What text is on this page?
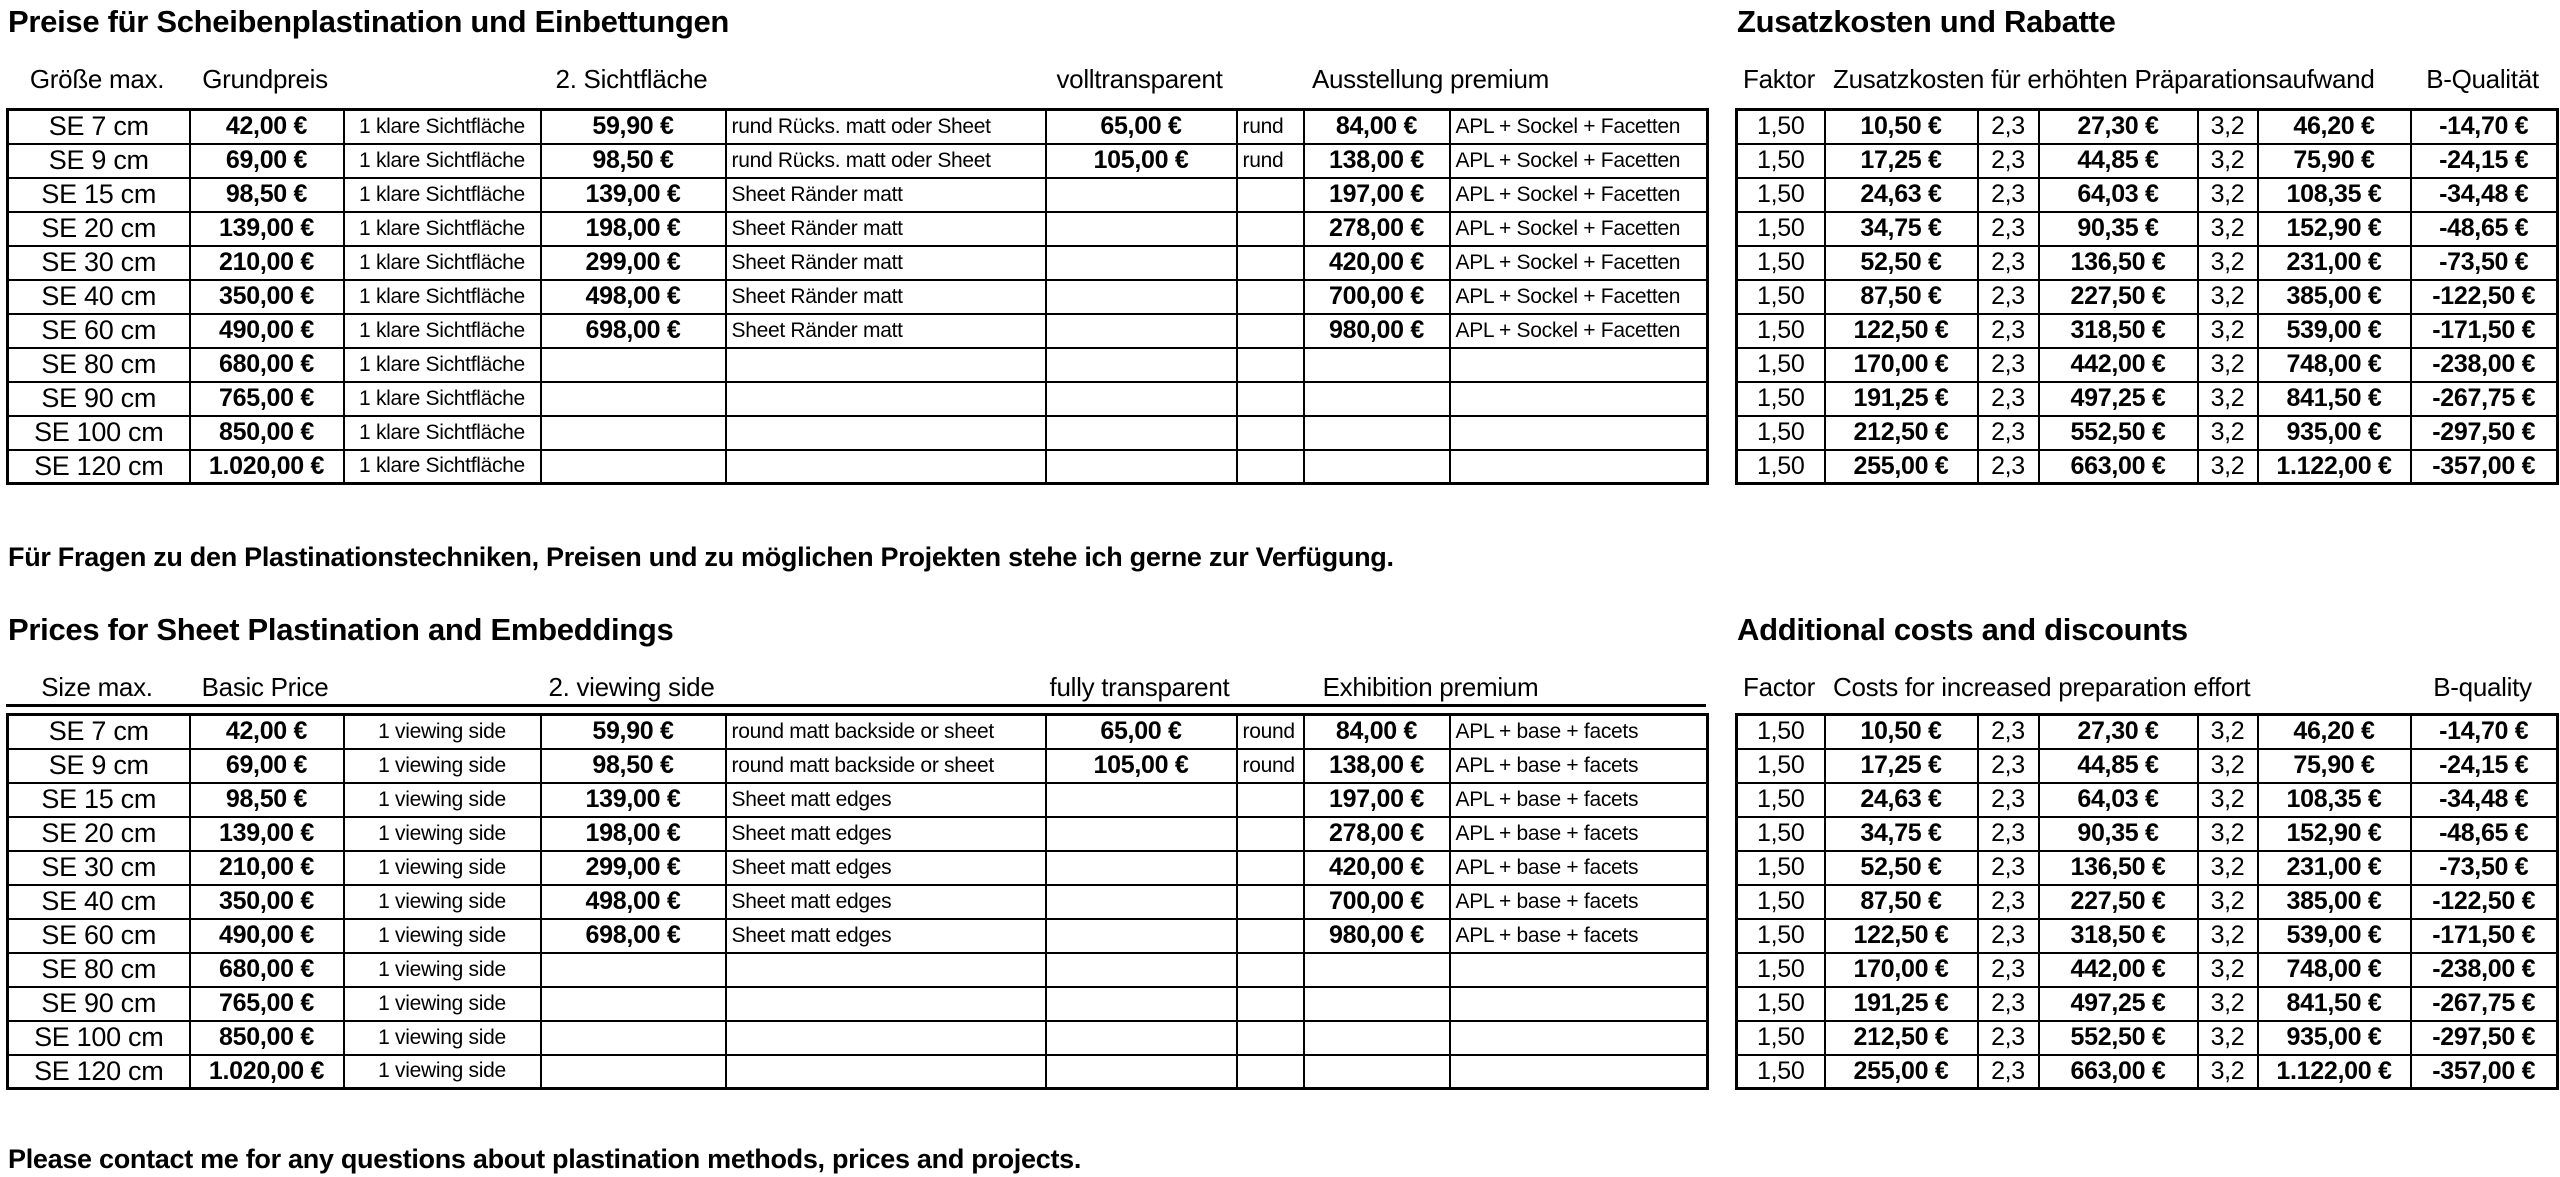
Preise für Scheibenplastination und Einbettungen
Größe max.	Grundpreis	2. Sichtfläche	volltransparent	Ausstellung premium
SE 7 cm	42,00 €	1 klare Sichtfläche	59,90 €	rund Rücks. matt oder Sheet	65,00 €	rund	84,00 €	APL + Sockel + Facetten
SE 9 cm	69,00 €	1 klare Sichtfläche	98,50 €	rund Rücks. matt oder Sheet	105,00 €	rund	138,00 €	APL + Sockel + Facetten
SE 15 cm	98,50 €	1 klare Sichtfläche	139,00 €	Sheet Ränder matt			197,00 €	APL + Sockel + Facetten
SE 20 cm	139,00 €	1 klare Sichtfläche	198,00 €	Sheet Ränder matt			278,00 €	APL + Sockel + Facetten
SE 30 cm	210,00 €	1 klare Sichtfläche	299,00 €	Sheet Ränder matt			420,00 €	APL + Sockel + Facetten
SE 40 cm	350,00 €	1 klare Sichtfläche	498,00 €	Sheet Ränder matt			700,00 €	APL + Sockel + Facetten
SE 60 cm	490,00 €	1 klare Sichtfläche	698,00 €	Sheet Ränder matt			980,00 €	APL + Sockel + Facetten
SE 80 cm	680,00 €	1 klare Sichtfläche						
SE 90 cm	765,00 €	1 klare Sichtfläche						
SE 100 cm	850,00 €	1 klare Sichtfläche						
SE 120 cm	1.020,00 €	1 klare Sichtfläche						
Zusatzkosten und Rabatte
Faktor Zusatzkosten für erhöhten Präparationsaufwand	B-Qualität
1,50	10,50 €	2,3	27,30 €	3,2	46,20 €	-14,70 €
1,50	17,25 €	2,3	44,85 €	3,2	75,90 €	-24,15 €
1,50	24,63 €	2,3	64,03 €	3,2	108,35 €	-34,48 €
1,50	34,75 €	2,3	90,35 €	3,2	152,90 €	-48,65 €
1,50	52,50 €	2,3	136,50 €	3,2	231,00 €	-73,50 €
1,50	87,50 €	2,3	227,50 €	3,2	385,00 €	-122,50 €
1,50	122,50 €	2,3	318,50 €	3,2	539,00 €	-171,50 €
1,50	170,00 €	2,3	442,00 €	3,2	748,00 €	-238,00 €
1,50	191,25 €	2,3	497,25 €	3,2	841,50 €	-267,75 €
1,50	212,50 €	2,3	552,50 €	3,2	935,00 €	-297,50 €
1,50	255,00 €	2,3	663,00 €	3,2	1.122,00 €	-357,00 €
Für Fragen zu den Plastinationstechniken, Preisen und zu möglichen Projekten stehe ich gerne zur Verfügung.
Prices for Sheet Plastination and Embeddings
Size max.	Basic Price	2. viewing side	fully transparent	Exhibition premium
SE 7 cm	42,00 €	1 viewing side	59,90 €	round matt backside or sheet	65,00 €	round	84,00 €	APL + base + facets
SE 9 cm	69,00 €	1 viewing side	98,50 €	round matt backside or sheet	105,00 €	round	138,00 €	APL + base + facets
SE 15 cm	98,50 €	1 viewing side	139,00 €	Sheet matt edges			197,00 €	APL + base + facets
SE 20 cm	139,00 €	1 viewing side	198,00 €	Sheet matt edges			278,00 €	APL + base + facets
SE 30 cm	210,00 €	1 viewing side	299,00 €	Sheet matt edges			420,00 €	APL + base + facets
SE 40 cm	350,00 €	1 viewing side	498,00 €	Sheet matt edges			700,00 €	APL + base + facets
SE 60 cm	490,00 €	1 viewing side	698,00 €	Sheet matt edges			980,00 €	APL + base + facets
SE 80 cm	680,00 €	1 viewing side						
SE 90 cm	765,00 €	1 viewing side						
SE 100 cm	850,00 €	1 viewing side						
SE 120 cm	1.020,00 €	1 viewing side						
Additional costs and discounts
Factor Costs for increased preparation effort	B-quality
1,50	10,50 €	2,3	27,30 €	3,2	46,20 €	-14,70 €
1,50	17,25 €	2,3	44,85 €	3,2	75,90 €	-24,15 €
1,50	24,63 €	2,3	64,03 €	3,2	108,35 €	-34,48 €
1,50	34,75 €	2,3	90,35 €	3,2	152,90 €	-48,65 €
1,50	52,50 €	2,3	136,50 €	3,2	231,00 €	-73,50 €
1,50	87,50 €	2,3	227,50 €	3,2	385,00 €	-122,50 €
1,50	122,50 €	2,3	318,50 €	3,2	539,00 €	-171,50 €
1,50	170,00 €	2,3	442,00 €	3,2	748,00 €	-238,00 €
1,50	191,25 €	2,3	497,25 €	3,2	841,50 €	-267,75 €
1,50	212,50 €	2,3	552,50 €	3,2	935,00 €	-297,50 €
1,50	255,00 €	2,3	663,00 €	3,2	1.122,00 €	-357,00 €
Please contact me for any questions about plastination methods, prices and projects.
